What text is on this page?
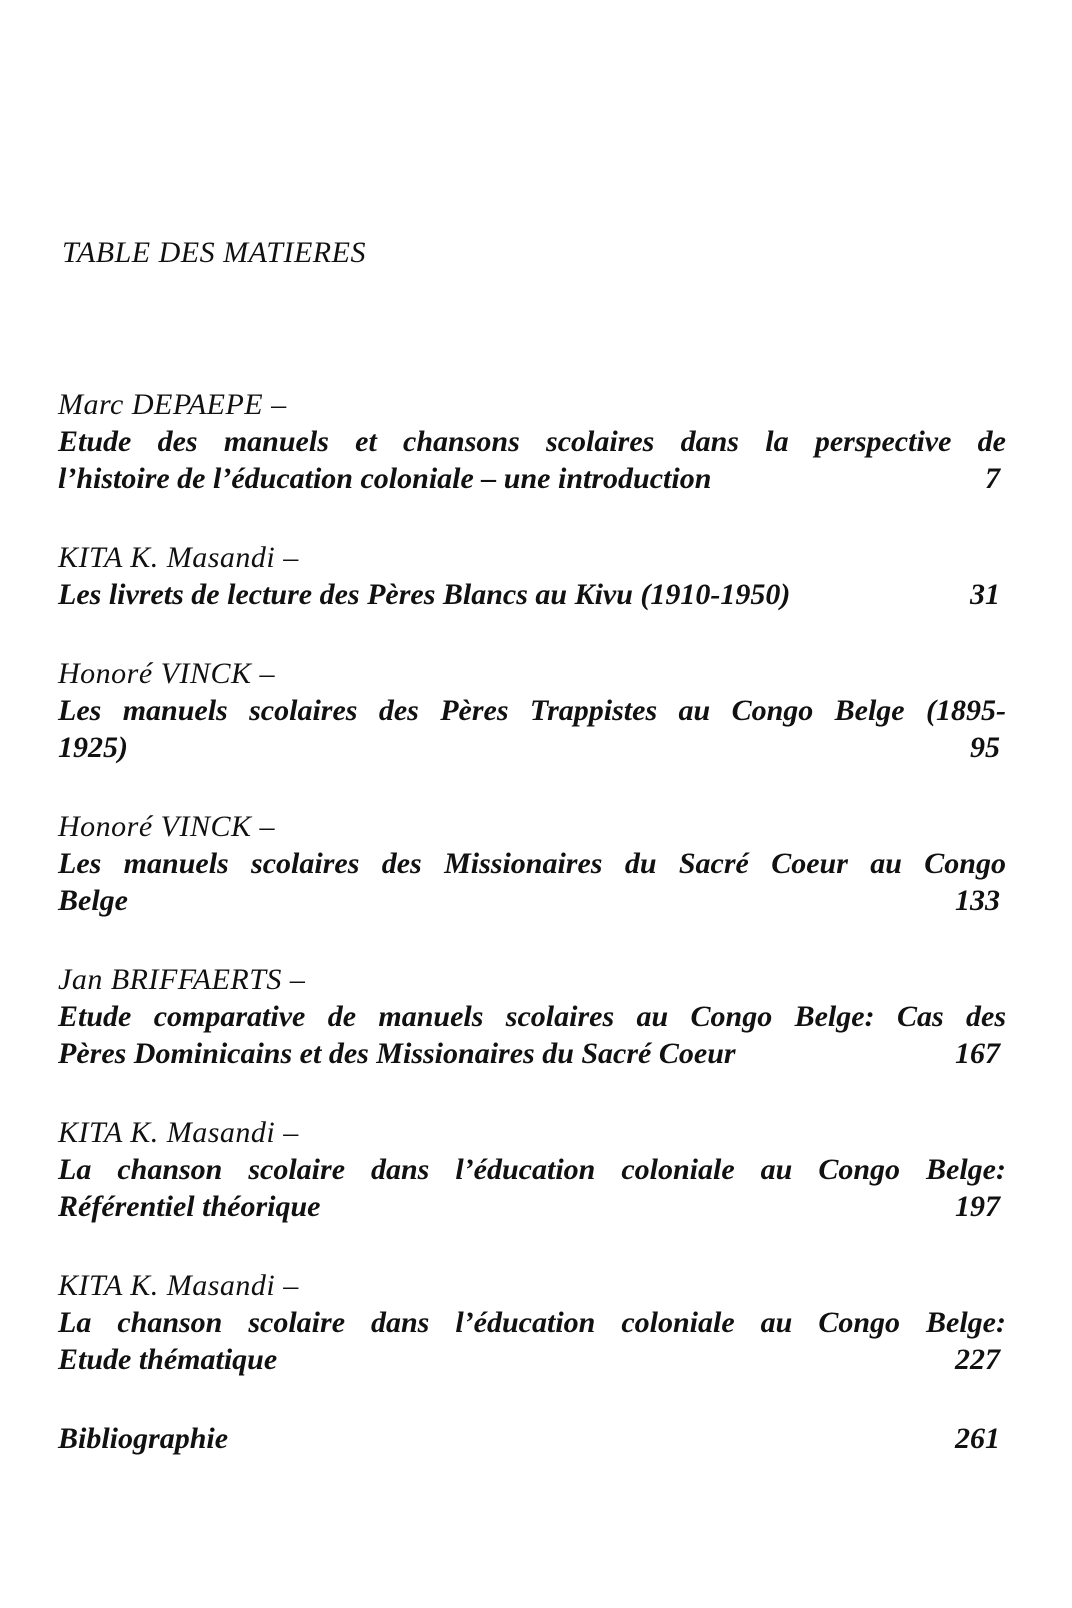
TABLE DES MATIERES
Marc DEPAEPE –
Etude des manuels et chansons scolaires dans la perspective de
l’histoire de l’éducation coloniale – une introduction	7
KITA K. Masandi –
Les livrets de lecture des Pères Blancs au Kivu (1910-1950)	31
Honoré VINCK –
Les manuels scolaires des Pères Trappistes au Congo Belge (1895-
1925)	95
Honoré VINCK –
Les manuels scolaires des Missionaires du Sacré Coeur au Congo
Belge	133
Jan BRIFFAERTS –
Etude comparative de manuels scolaires au Congo Belge: Cas des
Pères Dominicains et des Missionaires du Sacré Coeur	167
KITA K. Masandi –
La chanson scolaire dans l’éducation coloniale au Congo Belge:
Référentiel théorique	197
KITA K. Masandi –
La chanson scolaire dans l’éducation coloniale au Congo Belge:
Etude thématique	227
Bibliographie	261
